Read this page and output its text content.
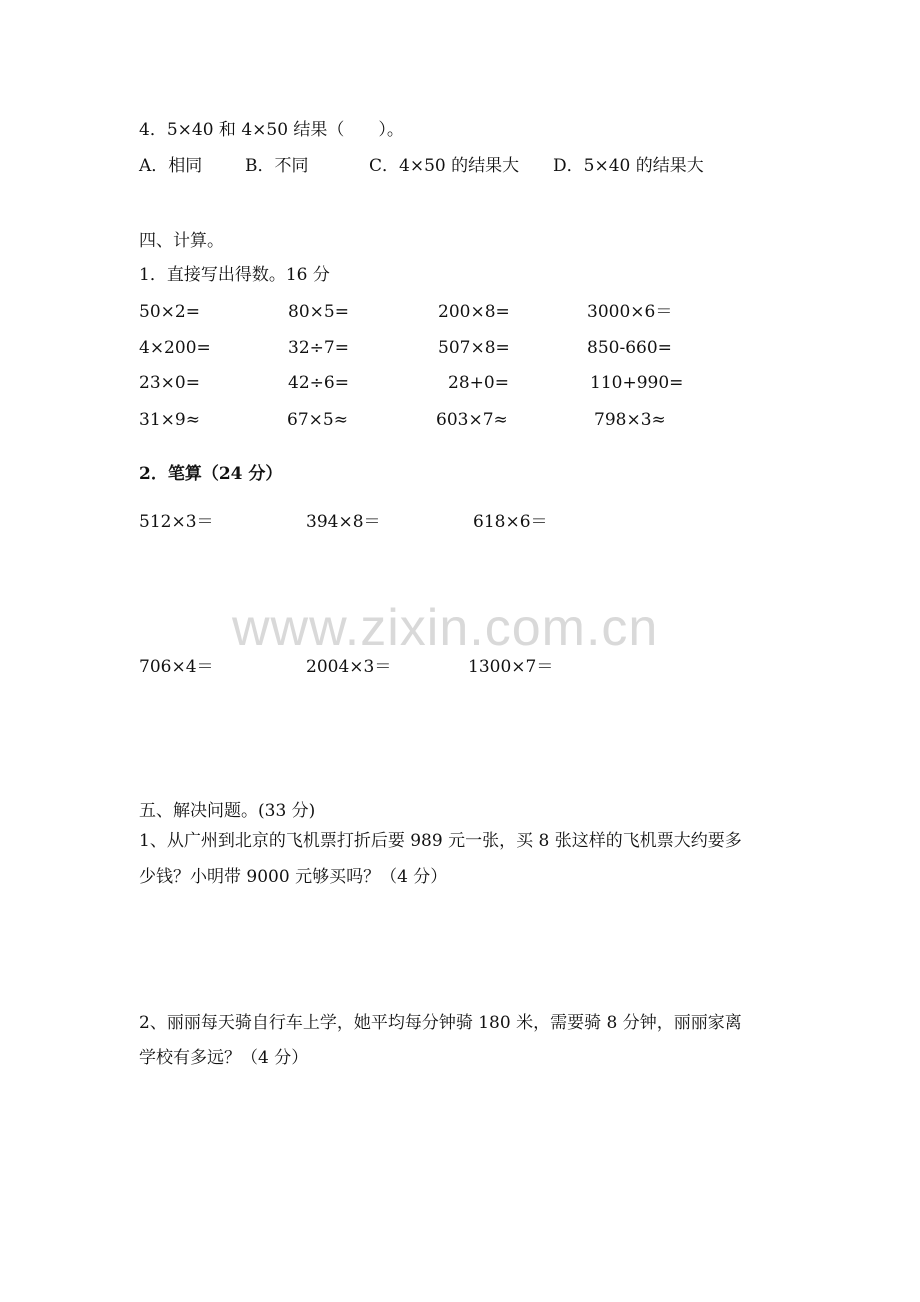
www.zixin.com.cn
4．5×40 和 4×50 结果（　　）。
A．相同	B．不同	C．4×50 的结果大 D．5×40 的结果大
四、计算。
1．直接写出得数。16 分
50×2=	80×5=	200×8=	3000×6＝
4×200=	32÷7=	507×8=	850-660=
23×0=	42÷6=	28+0=	110+990=
31×9≈	67×5≈	603×7≈	798×3≈
2．笔算（24 分）
512×3＝	394×8＝	618×6＝
706×4＝	2004×3＝	1300×7＝
五、解决问题。(33 分)
1、从广州到北京的飞机票打折后要 989 元一张，买 8 张这样的飞机票大约要多
少钱？小明带 9000 元够买吗？（4 分）
2、丽丽每天骑自行车上学，她平均每分钟骑 180 米，需要骑 8 分钟，丽丽家离
学校有多远？（4 分）
